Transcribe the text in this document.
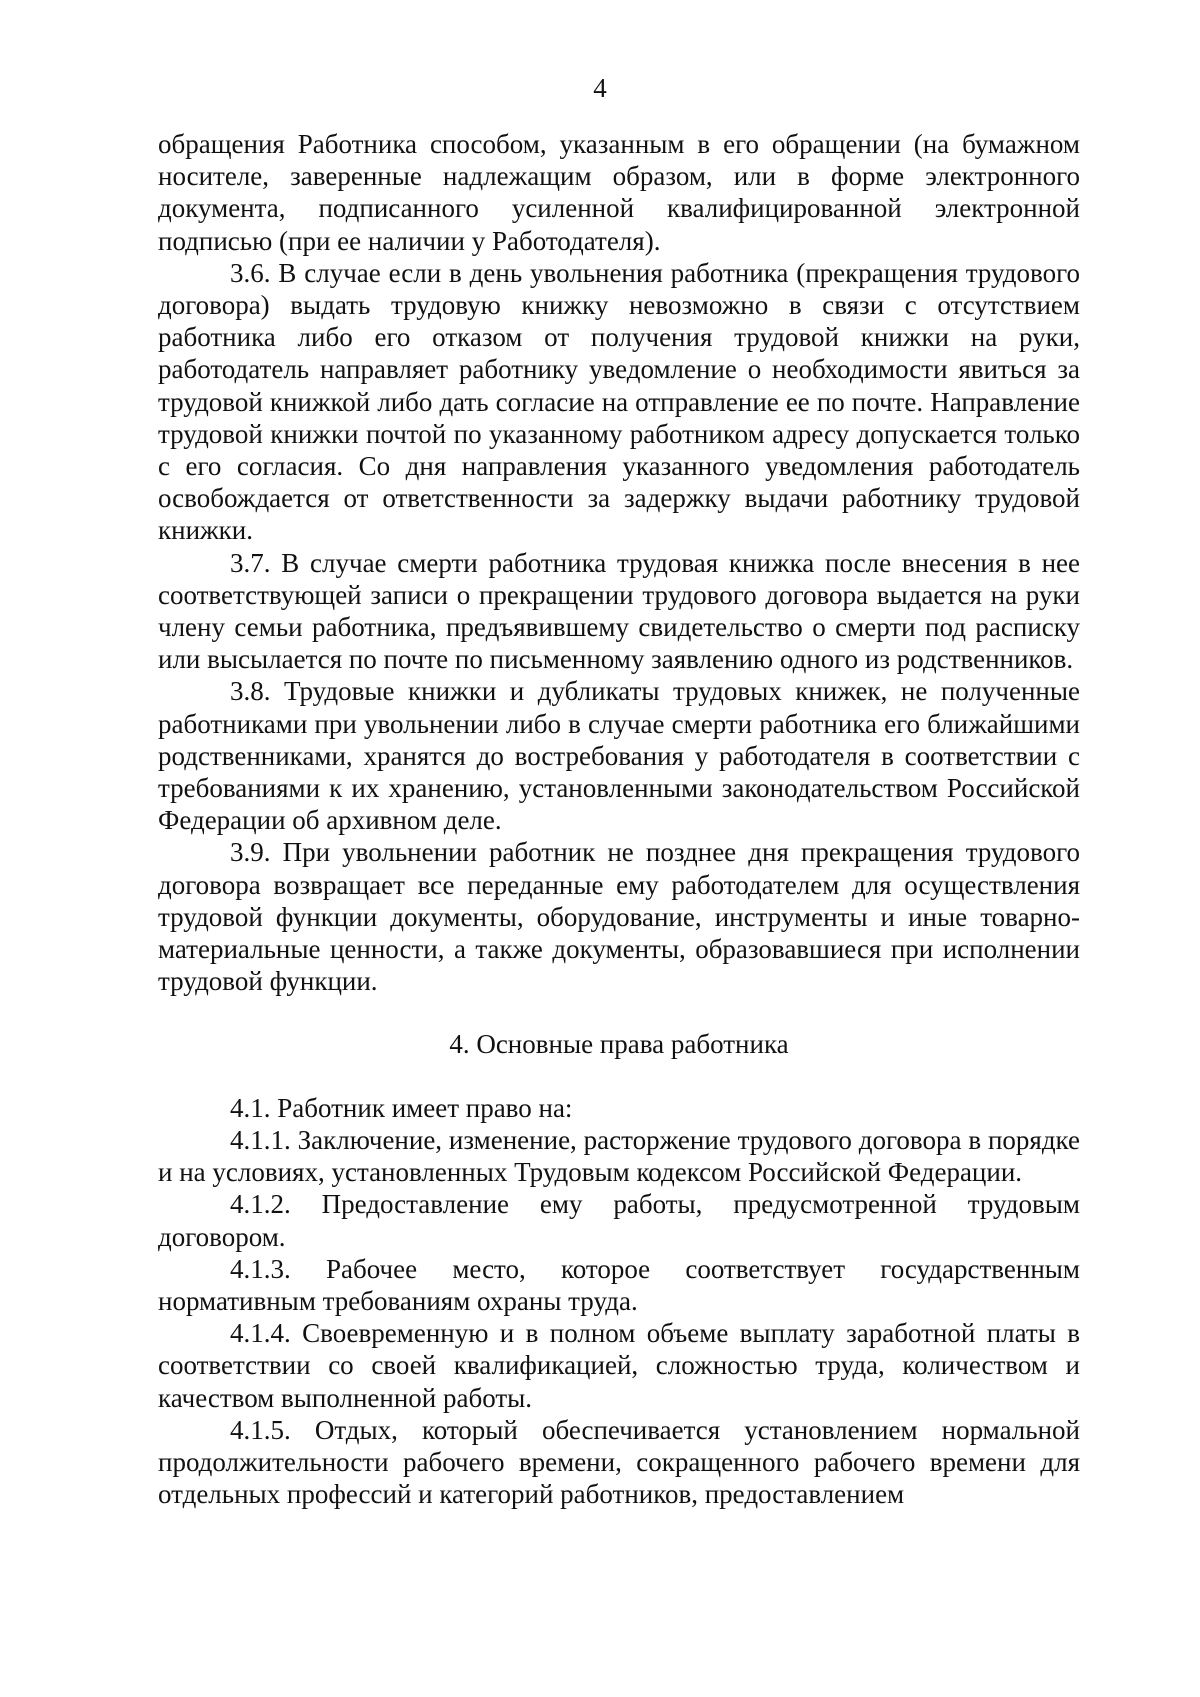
4

обращения Работника способом, указанным в его обращении (на бумажном носителе, заверенные надлежащим образом, или в форме электронного документа, подписанного усиленной квалифицированной электронной подписью (при ее наличии у Работодателя).

3.6. В случае если в день увольнения работника (прекращения трудового договора) выдать трудовую книжку невозможно в связи с отсутствием работника либо его отказом от получения трудовой книжки на руки, работодатель направляет работнику уведомление о необходимости явиться за трудовой книжкой либо дать согласие на отправление ее по почте. Направление трудовой книжки почтой по указанному работником адресу допускается только с его согласия. Со дня направления указанного уведомления работодатель освобождается от ответственности за задержку выдачи работнику трудовой книжки.

3.7. В случае смерти работника трудовая книжка после внесения в нее соответствующей записи о прекращении трудового договора выдается на руки члену семьи работника, предъявившему свидетельство о смерти под расписку или высылается по почте по письменному заявлению одного из родственников.

3.8. Трудовые книжки и дубликаты трудовых книжек, не полученные работниками при увольнении либо в случае смерти работника его ближайшими родственниками, хранятся до востребования у работодателя в соответствии с требованиями к их хранению, установленными законодательством Российской Федерации об архивном деле.

3.9. При увольнении работник не позднее дня прекращения трудового договора возвращает все переданные ему работодателем для осуществления трудовой функции документы, оборудование, инструменты и иные товарно-материальные ценности, а также документы, образовавшиеся при исполнении трудовой функции.

4. Основные права работника

4.1. Работник имеет право на:

4.1.1. Заключение, изменение, расторжение трудового договора в порядке и на условиях, установленных Трудовым кодексом Российской Федерации.

4.1.2. Предоставление ему работы, предусмотренной трудовым договором.

4.1.3. Рабочее место, которое соответствует государственным нормативным требованиям охраны труда.

4.1.4. Своевременную и в полном объеме выплату заработной платы в соответствии со своей квалификацией, сложностью труда, количеством и качеством выполненной работы.

4.1.5. Отдых, который обеспечивается установлением нормальной продолжительности рабочего времени, сокращенного рабочего времени для отдельных профессий и категорий работников, предоставлением
